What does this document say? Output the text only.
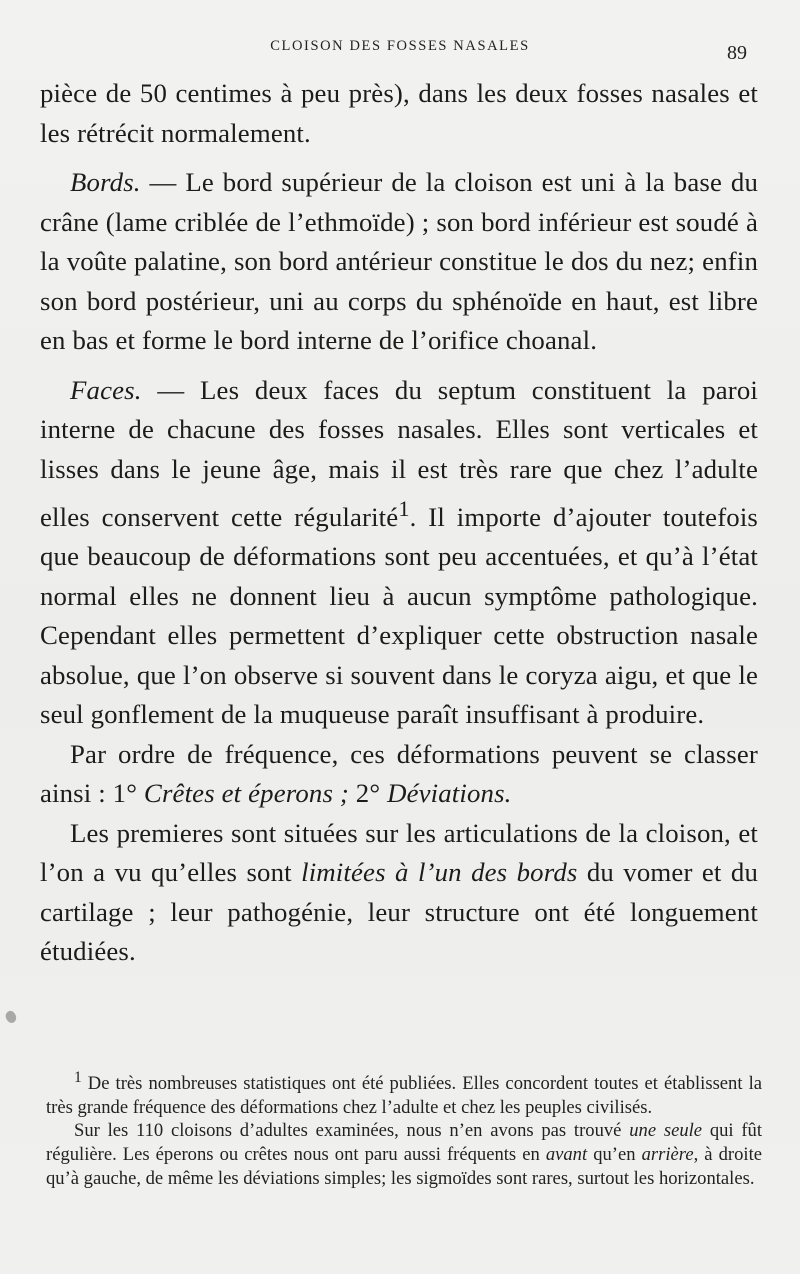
CLOISON DES FOSSES NASALES	89

pièce de 50 centimes à peu près), dans les deux fosses nasales et les rétrécit normalement.

Bords. — Le bord supérieur de la cloison est uni à la base du crâne (lame criblée de l’ethmoïde) ; son bord inférieur est soudé à la voûte palatine, son bord antérieur constitue le dos du nez; enfin son bord postérieur, uni au corps du sphénoïde en haut, est libre en bas et forme le bord interne de l’orifice choanal.

Faces. — Les deux faces du septum constituent la paroi interne de chacune des fosses nasales. Elles sont verticales et lisses dans le jeune âge, mais il est très rare que chez l’adulte elles conservent cette régularité$^1$. Il importe d’ajouter toutefois que beaucoup de déformations sont peu accentuées, et qu’à l’état normal elles ne donnent lieu à aucun symptôme pathologique. Cependant elles permettent d’expliquer cette obstruction nasale absolue, que l’on observe si souvent dans le coryza aigu, et que le seul gonflement de la muqueuse paraît insuffisant à produire.

Par ordre de fréquence, ces déformations peuvent se classer ainsi : 1° Crêtes et éperons ; 2° Déviations.

Les premieres sont situées sur les articulations de la cloison, et l’on a vu qu’elles sont limitées à l’un des bords du vomer et du cartilage ; leur pathogénie, leur structure ont été longuement étudiées.

$^1$ De très nombreuses statistiques ont été publiées. Elles concordent toutes et établissent la très grande fréquence des déformations chez l’adulte et chez les peuples civilisés.

Sur les 110 cloisons d’adultes examinées, nous n’en avons pas trouvé une seule qui fût régulière. Les éperons ou crêtes nous ont paru aussi fréquents en avant qu’en arrière, à droite qu’à gauche, de même les déviations simples; les sigmoïdes sont rares, surtout les horizontales.
